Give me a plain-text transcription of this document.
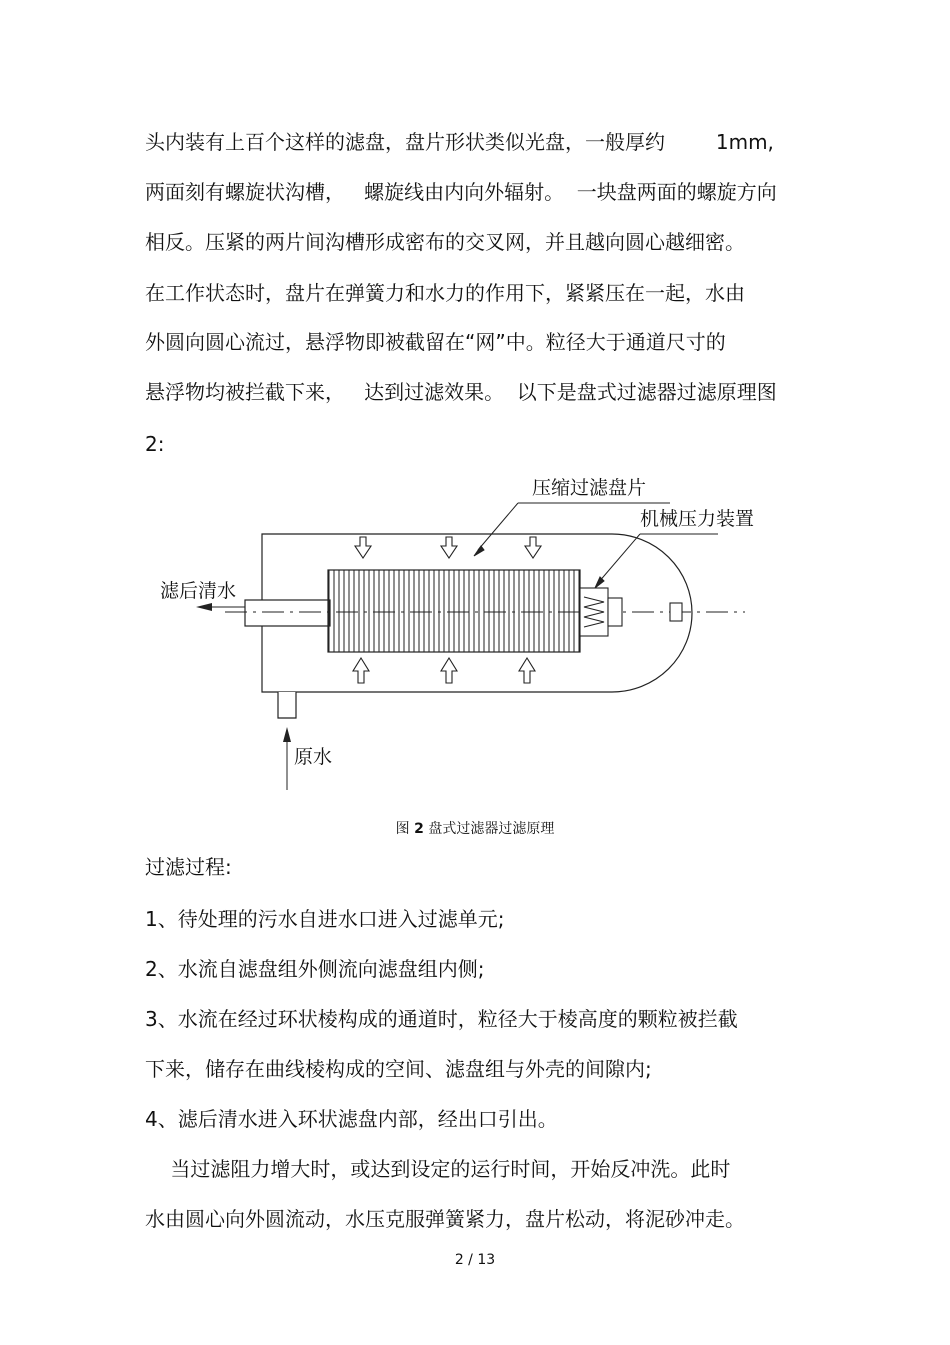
头内装有上百个这样的滤盘，盘片形状类似光盘，一般厚约        1mm,
两面刻有螺旋状沟槽，   螺旋线由内向外辐射。  一块盘两面的螺旋方向
相反。压紧的两片间沟槽形成密布的交叉网，并且越向圆心越细密。
在工作状态时，盘片在弹簧力和水力的作用下，紧紧压在一起，水由
外圆向圆心流过，悬浮物即被截留在“网”中。粒径大于通道尺寸的
悬浮物均被拦截下来，   达到过滤效果。  以下是盘式过滤器过滤原理图
2:
压缩过滤盘片
机械压力装置
滤后清水
原水
图 2 盘式过滤器过滤原理
过滤过程:
1、待处理的污水自进水口进入过滤单元;
2、水流自滤盘组外侧流向滤盘组内侧;
3、水流在经过环状棱构成的通道时，粒径大于棱高度的颗粒被拦截
下来，储存在曲线棱构成的空间、滤盘组与外壳的间隙内;
4、滤后清水进入环状滤盘内部，经出口引出。
当过滤阻力增大时，或达到设定的运行时间，开始反冲洗。此时
水由圆心向外圆流动，水压克服弹簧紧力，盘片松动，将泥砂冲走。
2 / 13
